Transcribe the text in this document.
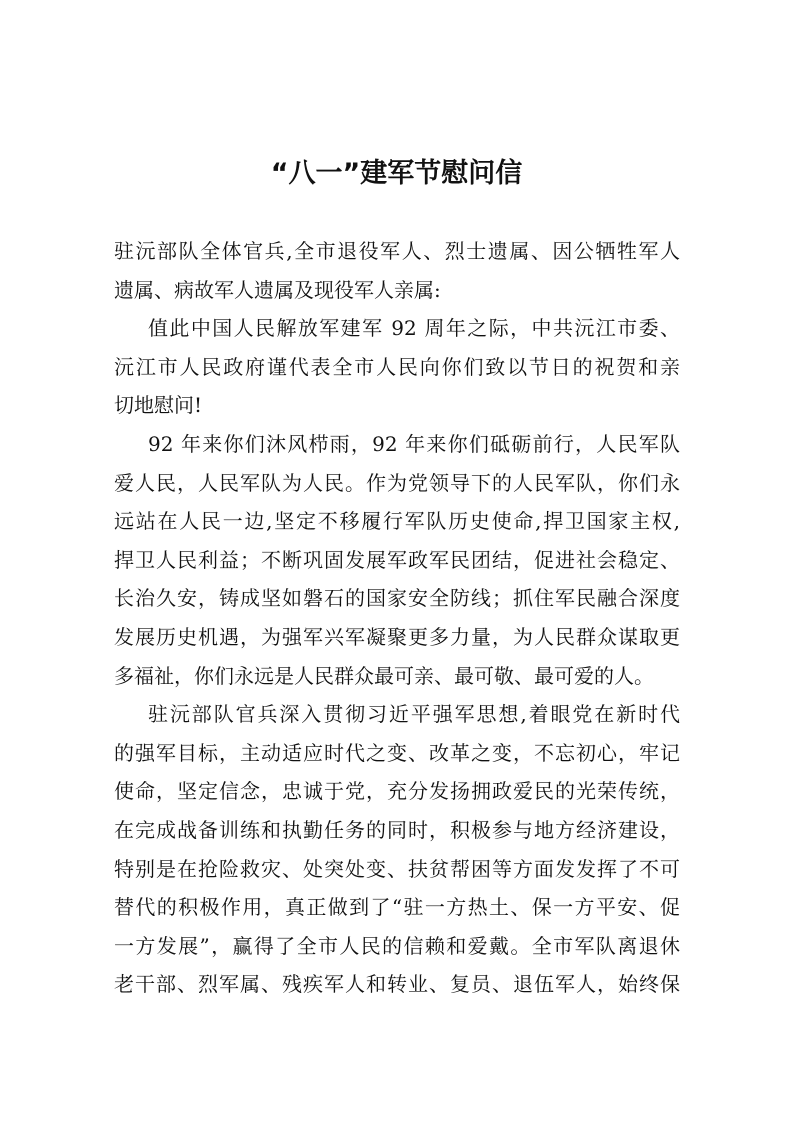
“八一”建军节慰问信
驻沅部队全体官兵,全市退役军人、烈士遗属、因公牺牲军人
遗属、病故军人遗属及现役军人亲属:
值此中国人民解放军建军 92 周年之际，中共沅江市委、
沅江市人民政府谨代表全市人民向你们致以节日的祝贺和亲
切地慰问!
92 年来你们沐风栉雨，92 年来你们砥砺前行，人民军队
爱人民，人民军队为人民。作为党领导下的人民军队，你们永
远站在人民一边,坚定不移履行军队历史使命,捍卫国家主权,
捍卫人民利益；不断巩固发展军政军民团结，促进社会稳定、
长治久安，铸成坚如磐石的国家安全防线；抓住军民融合深度
发展历史机遇，为强军兴军凝聚更多力量，为人民群众谋取更
多福祉，你们永远是人民群众最可亲、最可敬、最可爱的人。
驻沅部队官兵深入贯彻习近平强军思想,着眼党在新时代
的强军目标，主动适应时代之变、改革之变，不忘初心，牢记
使命，坚定信念，忠诚于党，充分发扬拥政爱民的光荣传统，
在完成战备训练和执勤任务的同时，积极参与地方经济建设，
特别是在抢险救灾、处突处变、扶贫帮困等方面发发挥了不可
替代的积极作用，真正做到了“驻一方热土、保一方平安、促
一方发展”，赢得了全市人民的信赖和爱戴。全市军队离退休
老干部、烈军属、残疾军人和转业、复员、退伍军人，始终保
